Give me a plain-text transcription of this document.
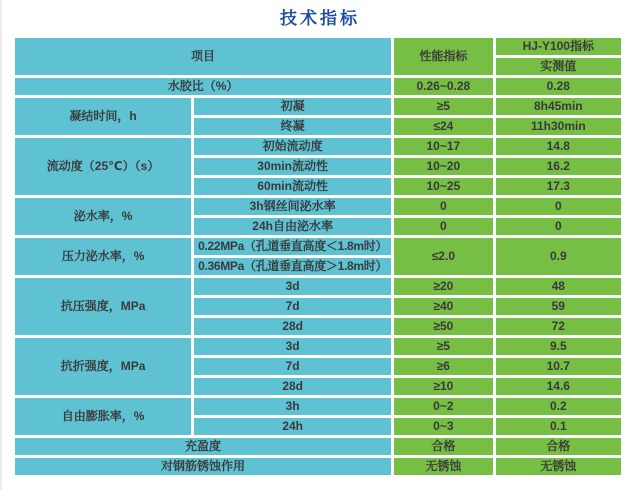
技术指标
项目		性能指标	HJ-Y100指标
			实测值
水胶比（%）		0.26~0.28	0.28
凝结时间，h	初凝	≥5	8h45min
	终凝	≤24	11h30min
流动度（25℃）（s）	初始流动度	10~17	14.8
	30min流动性	10~20	16.2
	60min流动性	10~25	17.3
泌水率，%	3h钢丝间泌水率	0	0
	24h自由泌水率	0	0
压力泌水率，%	0.22MPa（孔道垂直高度＜1.8m时）	≤2.0	0.9
	0.36MPa（孔道垂直高度＞1.8m时）		
抗压强度，MPa	3d	≥20	48
	7d	≥40	59
	28d	≥50	72
抗折强度，MPa	3d	≥5	9.5
	7d	≥6	10.7
	28d	≥10	14.6
自由膨胀率，%	3h	0~2	0.2
	24h	0~3	0.1
充盈度		合格	合格
对钢筋锈蚀作用		无锈蚀	无锈蚀
